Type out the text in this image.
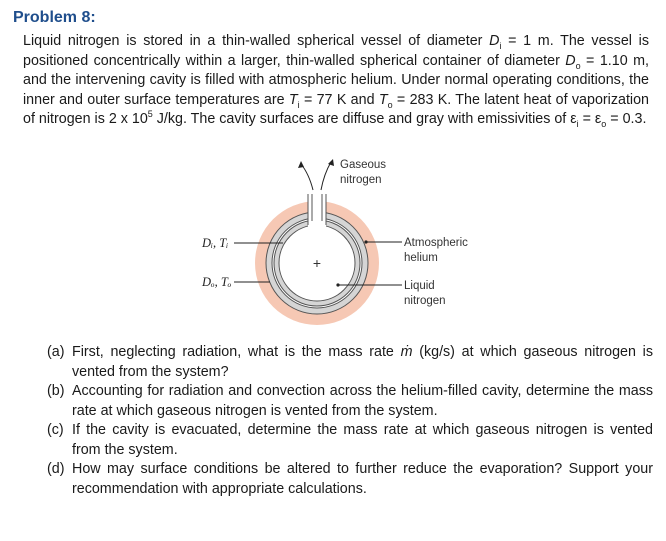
Problem 8:

Liquid nitrogen is stored in a thin-walled spherical vessel of diameter $D_i = 1$ m. The vessel is positioned concentrically within a larger, thin-walled spherical container of diameter $D_o = 1.10$ m, and the intervening cavity is filled with atmospheric helium. Under normal operating conditions, the inner and outer surface temperatures are $T_i = 77$ K and $T_o = 283$ K. The latent heat of vaporization of nitrogen is 2 x $10^5$ J/kg. The cavity surfaces are diffuse and gray with emissivities of $\varepsilon_i = \varepsilon_o = 0.3$.

+
Gaseous
nitrogen
Dᵢ, Tᵢ
Dₒ, Tₒ
Atmospheric
helium
Liquid
nitrogen
(a) First, neglecting radiation, what is the mass rate ṁ (kg/s) at which gaseous nitrogen is vented from the system?
(b) Accounting for radiation and convection across the helium-filled cavity, determine the mass rate at which gaseous nitrogen is vented from the system.
(c) If the cavity is evacuated, determine the mass rate at which gaseous nitrogen is vented from the system.
(d) How may surface conditions be altered to further reduce the evaporation? Support your recommendation with appropriate calculations.
